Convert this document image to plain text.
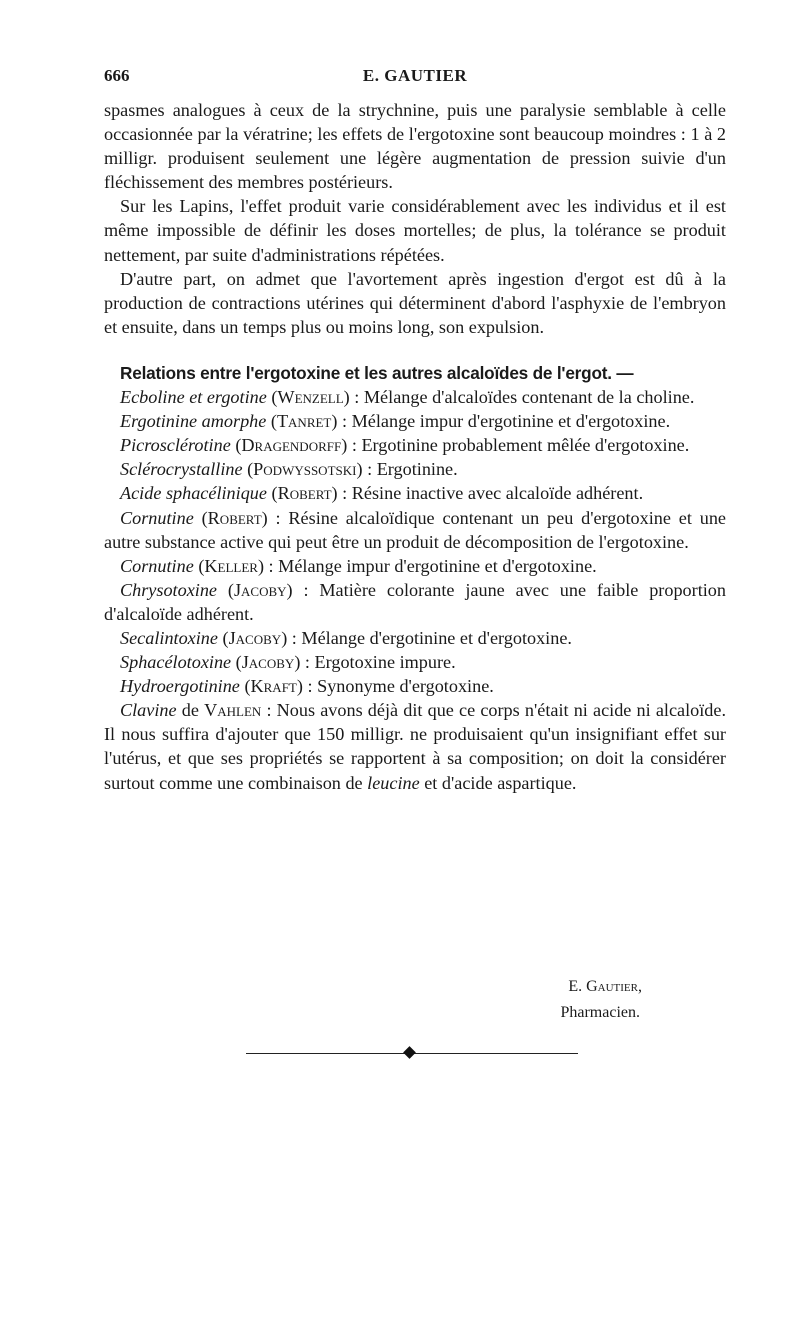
666	E. GAUTIER

spasmes analogues à ceux de la strychnine, puis une paralysie semblable à celle occasionnée par la vératrine; les effets de l'ergotoxine sont beaucoup moindres : 1 à 2 milligr. produisent seulement une légère augmentation de pression suivie d'un fléchissement des membres postérieurs.

Sur les Lapins, l'effet produit varie considérablement avec les individus et il est même impossible de définir les doses mortelles; de plus, la tolérance se produit nettement, par suite d'administrations répétées.

D'autre part, on admet que l'avortement après ingestion d'ergot est dû à la production de contractions utérines qui déterminent d'abord l'asphyxie de l'embryon et ensuite, dans un temps plus ou moins long, son expulsion.

Relations entre l'ergotoxine et les autres alcaloïdes de l'ergot. —

Ecboline et ergotine (Wenzell) : Mélange d'alcaloïdes contenant de la choline.

Ergotinine amorphe (Tanret) : Mélange impur d'ergotinine et d'ergotoxine.

Picrosclérotine (Dragendorff) : Ergotinine probablement mêlée d'ergotoxine.

Sclérocrystalline (Podwyssotski) : Ergotinine.

Acide sphacélinique (Robert) : Résine inactive avec alcaloïde adhérent.

Cornutine (Robert) : Résine alcaloïdique contenant un peu d'ergotoxine et une autre substance active qui peut être un produit de décomposition de l'ergotoxine.

Cornutine (Keller) : Mélange impur d'ergotinine et d'ergotoxine.

Chrysotoxine (Jacoby) : Matière colorante jaune avec une faible proportion d'alcaloïde adhérent.

Secalintoxine (Jacoby) : Mélange d'ergotinine et d'ergotoxine.

Sphacélotoxine (Jacoby) : Ergotoxine impure.

Hydroergotinine (Kraft) : Synonyme d'ergotoxine.

Clavine de Vahlen : Nous avons déjà dit que ce corps n'était ni acide ni alcaloïde. Il nous suffira d'ajouter que 150 milligr. ne produisaient qu'un insignifiant effet sur l'utérus, et que ses propriétés se rapportent à sa composition; on doit la considérer surtout comme une combinaison de leucine et d'acide aspartique.

E. Gautier,
Pharmacien.
